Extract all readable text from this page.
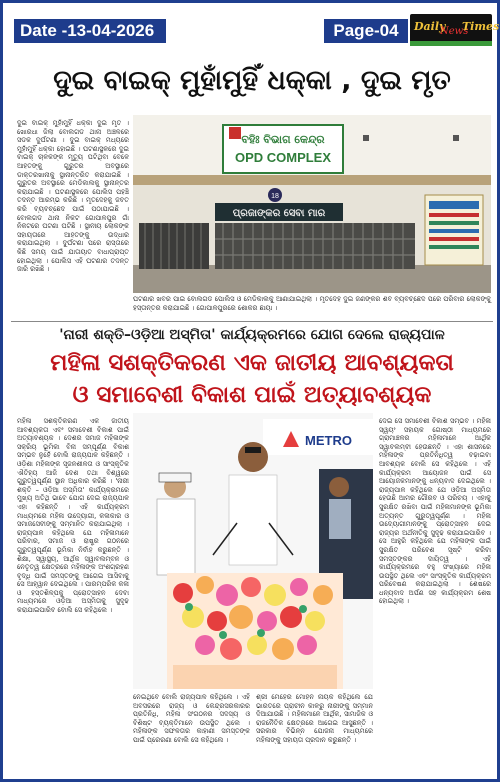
Date -13-04-2026	Page-04	Daily
News
Times
ଦୁଇ ବାଇକ୍ ମୁହାଁମୁହିଁ ଧକ୍କା , ଦୁଇ ମୃତ
ଦୁଇ ବାଇକ୍ ମୁହାଁମୁହିଁ ଧକ୍କା ଦୁଇ ମୃତ । ଖୋରଧା ଜିଲା ବୋଲଗଡ ଥାନା ଅଞ୍ଚଳରେ ସଡକ ଦୁର୍ଘଟଣା । ଦୁଇ ବାଇକ୍ ମଧ୍ୟରେ ମୁହାଁମୁହିଁ ଧକ୍କା ହୋଇଛି । ଘଟଣାସ୍ଥଳରେ ଦୁଇ ବାଇକ୍ ଚାଳକଙ୍କ ମୃତ୍ୟୁ ଘଟିଥିବା ବେଳେ ଆହତଙ୍କୁ ଗୁରୁତର ଅବସ୍ଥାରେ ଡାକ୍ତରଖାନାକୁ ସ୍ଥାନାନ୍ତରିତ କରାଯାଇଛି । ଗୁରୁତର ଅବସ୍ଥାରେ ମେଡିକାଲକୁ ସ୍ଥାନାନ୍ତର କରାଯାଇଛି । ଘଟଣାସ୍ଥଳରେ ପୋଲିସ ପହଞ୍ଚି ତଦନ୍ତ ଆରମ୍ଭ କରିଛି । ମୃତଦେହକୁ ଜବତ କରି ବ୍ୟବଚ୍ଛେଦ ପାଇଁ ପଠାଯାଇଛି । ବୋଲଗଡ ଥାନା ନିକଟ ଗୋପାଳପୁର ଗାଁ ନିକଟରେ ଘଟଣା ଘଟିଛି । ସ୍ଥାନୀୟ ଲୋକଙ୍କ ସହାୟତାରେ ଆହତଙ୍କୁ ଉଦ୍ଧାର କରାଯାଇଥିଲା । ଦୁର୍ଘଟଣା ପରେ ରାସ୍ତାରେ କିଛି ସମୟ ପାଇଁ ଯାତାୟାତ ବାଧାପ୍ରାପ୍ତ ହୋଇଥିଲା । ପୋଲିସ ଏହି ଘଟଣାର ତଦନ୍ତ ଜାରି ରଖିଛି ।
ବହିଃ ବିଭାଗ କେନ୍ଦ୍ର
OPD COMPLEX
18
ପ୍ରଜାଙ୍କର ସେବା ମାର
ଘଟଣାର ଖବର ପାଇ ବୋଲଗଡ ପୋଲିସ ଓ ମେଡିକାଲକୁ ଆଣାଯାଇଥିଲା । ମୃତଦେହ ଦୁଇ ଜଣଙ୍କର ଶବ ବ୍ୟବଚ୍ଛେଦ ପରେ ପରିବାର ଲୋକଙ୍କୁ ହସ୍ତାନ୍ତର କରାଯାଇଛି । ଗୋପାଳପୁରରେ ଶୋକର ଛାୟା ।
'ନାରୀ ଶକ୍ତି–ଓଡ଼ିଆ ଅସ୍ମିତା' କାର୍ଯ୍ୟକ୍ରମରେ ଯୋଗ ଦେଲେ ରାଜ୍ୟପାଳ
ମହିଳା ସଶକ୍ତିକରଣ ଏକ ଜାତୀୟ ଆବଶ୍ୟକତା
ଓ ସମାବେଶୀ ବିକାଶ ପାଇଁ ଅତ୍ୟାବଶ୍ୟକ
ମହିଳା ସଶକ୍ତିକରଣ ଏକ ଜାତୀୟ ଆବଶ୍ୟକତା ଏବଂ ସମାବେଶୀ ବିକାଶ ପାଇଁ ଅତ୍ୟାବଶ୍ୟକ । ଦେଶର ସମାଜ ମହିଳାଙ୍କ ସକ୍ରିୟ ଭୂମିକା ବିନା ସମ୍ପୂର୍ଣ୍ଣ ବିକାଶ ସମ୍ଭବ ନୁହେଁ ବୋଲି ରାଜ୍ୟପାଳ କହିଛନ୍ତି । ଓଡ଼ିଶା ମହିଳାଙ୍କ ସୃଜନଶୀଳତା ଓ ସାଂସ୍କୃତିକ ଐତିହ୍ୟ ଆଜି ଦେଶ ତଥା ବିଶ୍ୱରେ ଗୁରୁତ୍ୱପୂର୍ଣ୍ଣ ସ୍ଥାନ ଅଧିକାର କରିଛି । 'ନାରୀ ଶକ୍ତି – ଓଡ଼ିଆ ଅସ୍ମିତା' କାର୍ଯ୍ୟକ୍ରମରେ ମୁଖ୍ୟ ଅତିଥି ଭାବେ ଯୋଗ ଦେଇ ରାଜ୍ୟପାଳ ଏହା କହିଛନ୍ତି । ଏହି କାର୍ଯ୍ୟକ୍ରମ ମାଧ୍ୟମରେ ମହିଳା ଉଦ୍ୟୋଗୀ, କଳାକାର ଓ ସମାଜସେବୀଙ୍କୁ ସମ୍ମାନିତ କରାଯାଇଥିଲା । ରାଜ୍ୟପାଳ କହିଥିଲେ ଯେ ମହିଳାମାନେ ପରିବାର, ସମାଜ ଓ ରାଷ୍ଟ୍ର ଗଠନରେ ଗୁରୁତ୍ୱପୂର୍ଣ୍ଣ ଭୂମିକା ନିର୍ବାହ କରୁଛନ୍ତି । ଶିକ୍ଷା, ସ୍ୱାସ୍ଥ୍ୟ, ଆର୍ଥିକ ସ୍ୱାବଲମ୍ବନ ଓ ନେତୃତ୍ୱ କ୍ଷେତ୍ରରେ ମହିଳାଙ୍କ ଅଂଶଗ୍ରହଣ ବୃଦ୍ଧି ପାଇଁ ସମସ୍ତଙ୍କୁ ଆଗେଇ ଆସିବାକୁ ସେ ଆହ୍ୱାନ ଦେଇଥିଲେ । ପାରମ୍ପରିକ କଳା ଓ ହସ୍ତଶିଳ୍ପକୁ ପ୍ରୋତ୍ସାହନ ଦେବା ମାଧ୍ୟମରେ ଓଡ଼ିଆ ଅସ୍ମିତାକୁ ସୁଦୃଢ କରାଯାଇପାରିବ ବୋଲି ସେ କହିଥିଲେ ।
METRO
ନେଇଥିବେ ବୋଲି ରାଜ୍ୟପାଳ କହିଥିଲେ । ଏହି ଅବସରରେ ରାଜ୍ୟ ଓ କେନ୍ଦ୍ରସରକାରର ପ୍ରତିନିଧି, ମହିଳା ସଂଗଠନର ସଦସ୍ୟ ଓ ବିଶିଷ୍ଟ ବ୍ୟକ୍ତିମାନେ ଉପସ୍ଥିତ ଥିଲେ । ମହିଳାଙ୍କ ସଫଳତାର କାହାଣୀ ସମସ୍ତଙ୍କ ପାଇଁ ପ୍ରେରଣା ବୋଲି ସେ କହିଥିଲେ ।
ଶ୍ରୀ ମେହେର ମୋହନ ନାୟକ କହିଥିଲେ ଯେ ଭାରତରେ ପ୍ରାଚୀନ କାଳରୁ ନାରୀଙ୍କୁ ସମ୍ମାନ ଦିଆଯାଉଛି । ମହିଳାମାନେ ଆର୍ଥିକ, ସାମାଜିକ ଓ ରାଜନୈତିକ କ୍ଷେତ୍ରରେ ଆଗେଇ ଆସୁଛନ୍ତି । ସରକାର ବିଭିନ୍ନ ଯୋଜନା ମାଧ୍ୟମରେ ମହିଳାଙ୍କୁ ସହାୟତା ପ୍ରଦାନ କରୁଛନ୍ତି ।
ଦେଇ ସେ ସମାବେଶୀ ବିକାଶ ସମ୍ଭବ । ମହିଳା ସ୍ୱୟଂ ସହାୟକ ଗୋଷ୍ଠୀ ମାଧ୍ୟମରେ ଗ୍ରାମାଞ୍ଚଳର ମହିଳାମାନେ ଆର୍ଥିକ ସ୍ୱାବଲମ୍ବୀ ହେଉଛନ୍ତି । ଏହା ଶାସନରେ ମହିଳାଙ୍କ ପ୍ରତିନିଧିତ୍ୱ ବଢ଼ାଇବା ଆବଶ୍ୟକ ବୋଲି ସେ କହିଥିଲେ । ଏହି କାର୍ଯ୍ୟକ୍ରମ ଆୟୋଜନ ପାଇଁ ସେ ଆୟୋଜକମାନଙ୍କୁ ଧନ୍ୟବାଦ ଦେଇଥିଲେ । ରାଜ୍ୟପାଳ କହିଥିଲେ ଯେ ଓଡ଼ିଆ ଅସ୍ମିତା ହେଉଛି ଆମର ଗୌରବ ଓ ପରିଚୟ । ଏହାକୁ ସୁରକ୍ଷିତ ରଖିବା ପାଇଁ ମହିଳାମାନଙ୍କ ଭୂମିକା ଅତ୍ୟନ୍ତ ଗୁରୁତ୍ୱପୂର୍ଣ୍ଣ । ମହିଳା ଉଦ୍ୟୋଗୀମାନଙ୍କୁ ପ୍ରୋତ୍ସାହନ ଦେଇ ରାଜ୍ୟର ଅର୍ଥନୀତିକୁ ସୁଦୃଢ କରାଯାଇପାରିବ । ସେ ଆହୁରି କହିଥିଲେ ଯେ ମହିଳାଙ୍କ ପାଇଁ ସୁରକ୍ଷିତ ପରିବେଶ ସୃଷ୍ଟି କରିବା ସମସ୍ତଙ୍କର ଦାୟିତ୍ୱ । ଏହି କାର୍ଯ୍ୟକ୍ରମରେ ବହୁ ସଂଖ୍ୟାରେ ମହିଳା ଉପସ୍ଥିତ ଥିଲେ ଏବଂ ସାଂସ୍କୃତିକ କାର୍ଯ୍ୟକ୍ରମ ପରିବେଷଣ କରାଯାଇଥିଲା । ଶେଷରେ ଧନ୍ୟବାଦ ଅର୍ପଣ ସହ କାର୍ଯ୍ୟକ୍ରମ ଶେଷ ହୋଇଥିଲା ।
